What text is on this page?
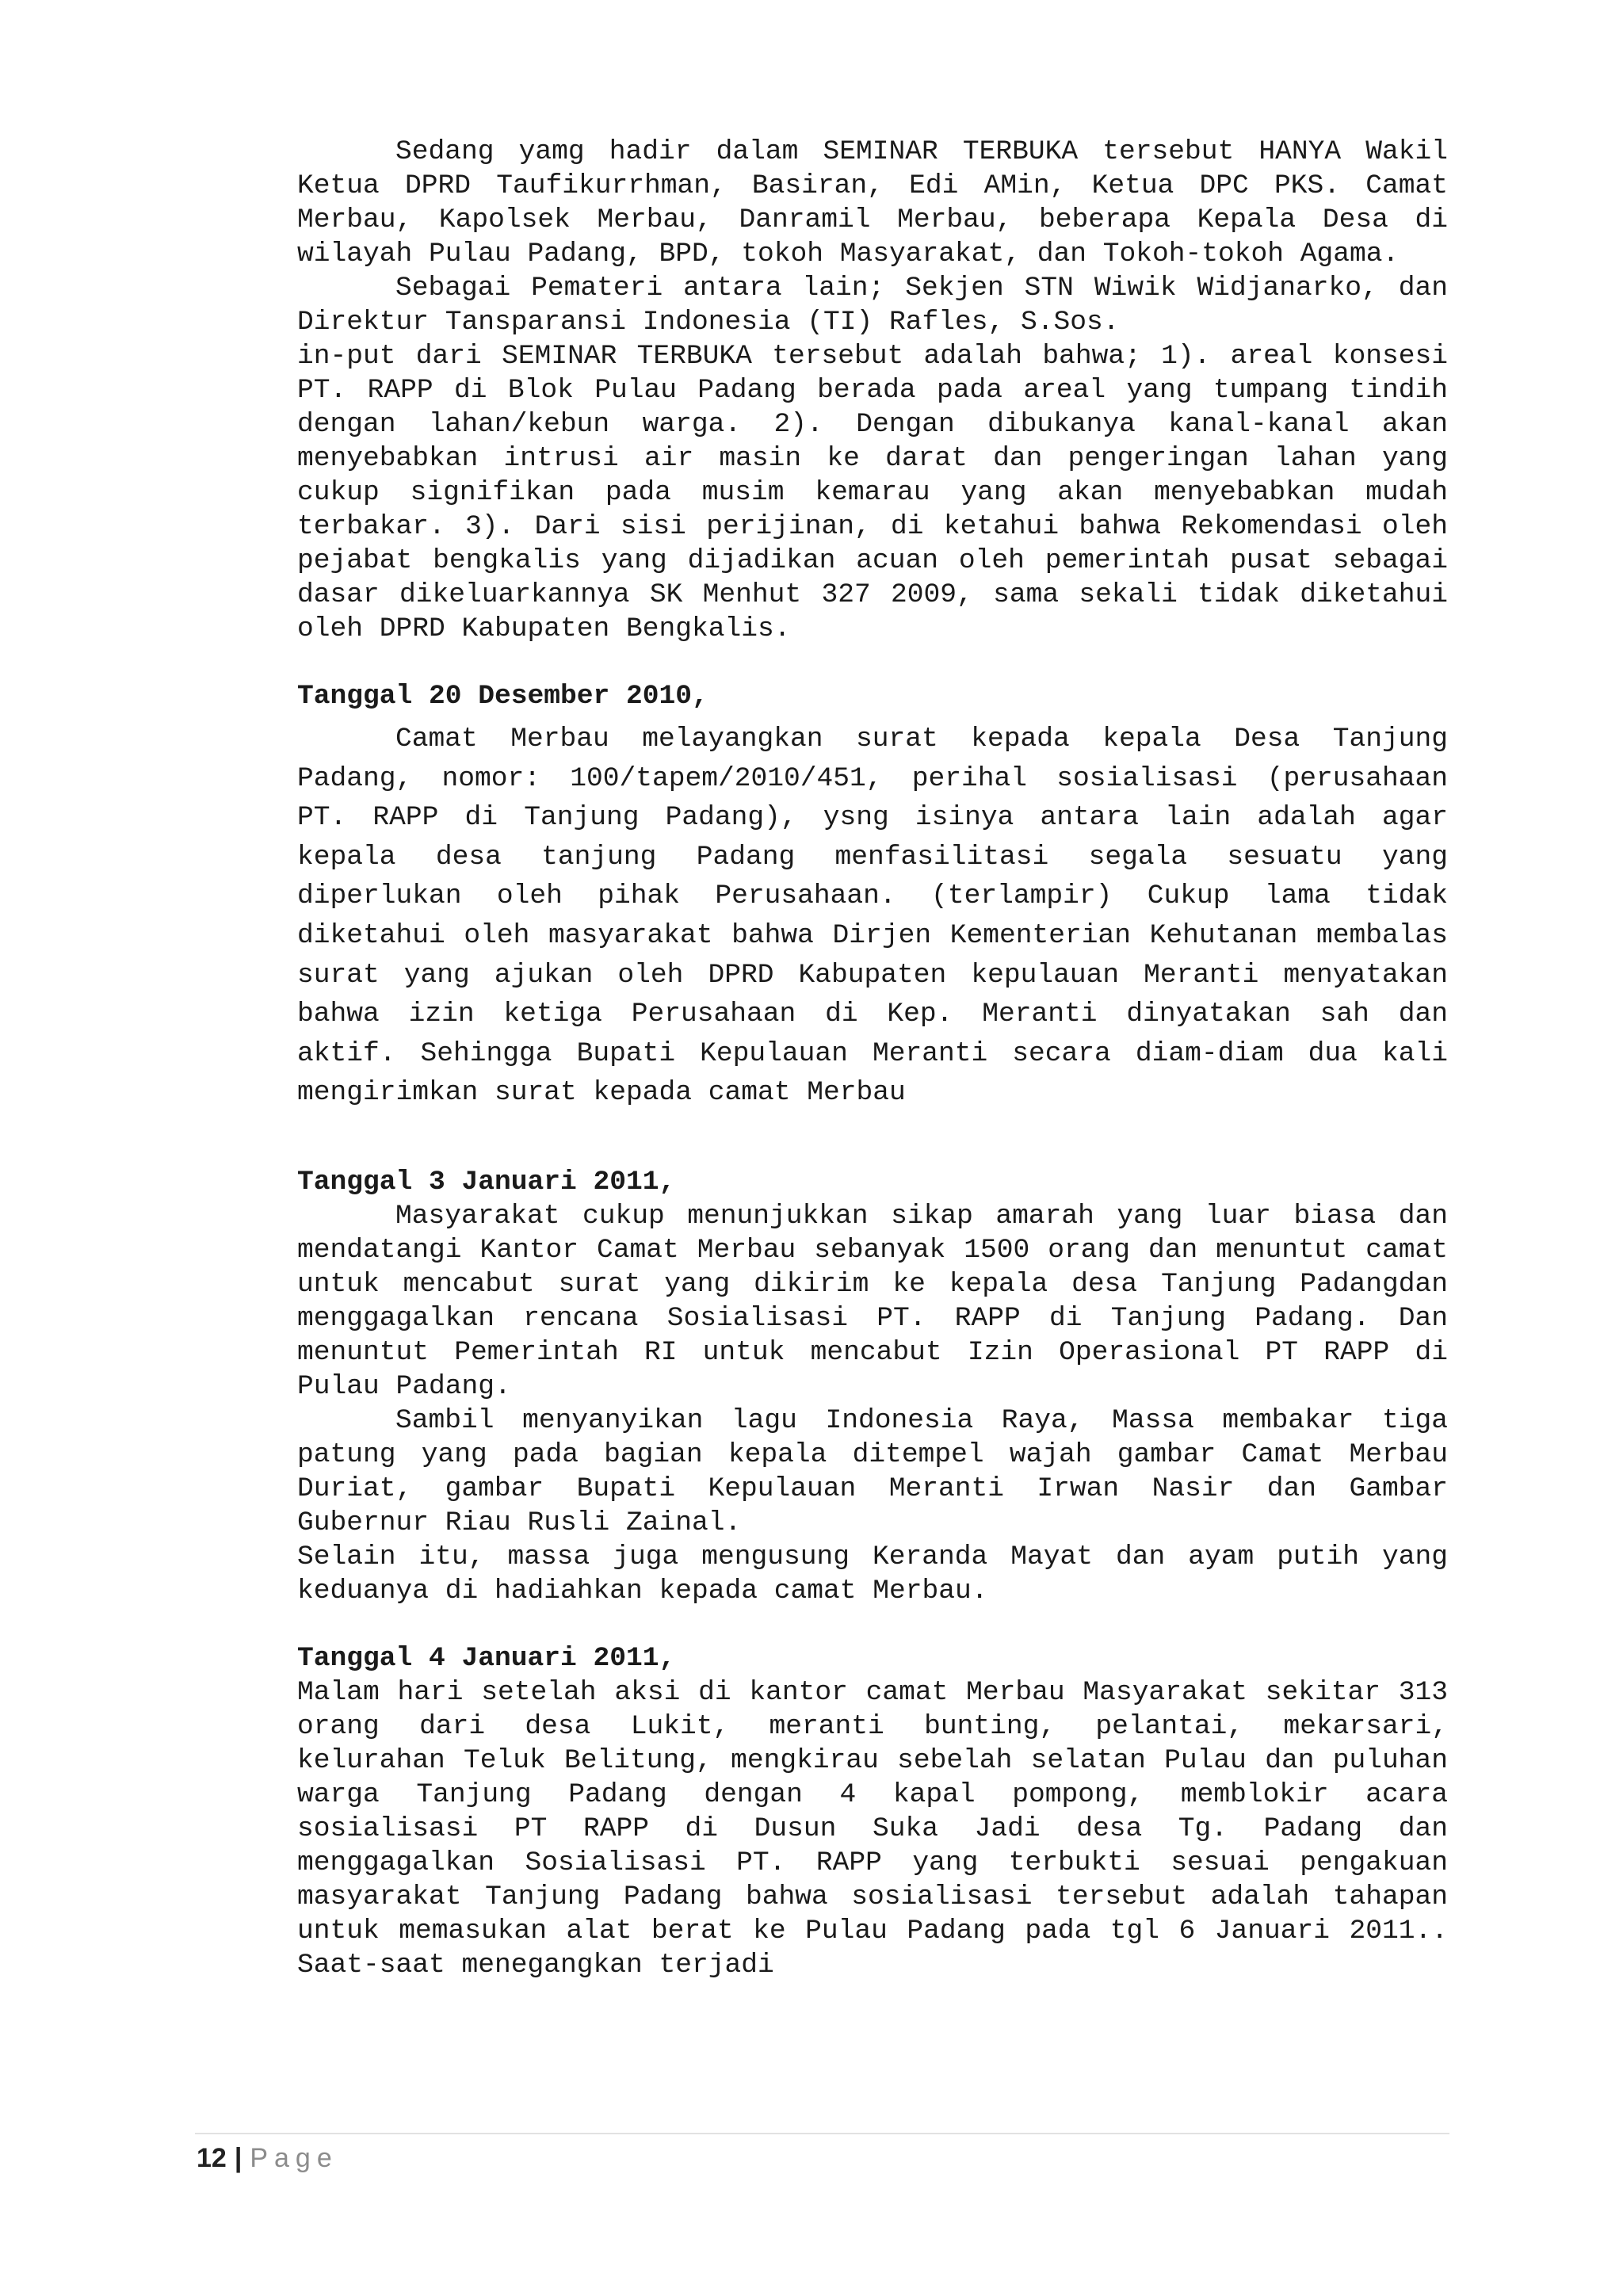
Sedang yamg hadir dalam SEMINAR TERBUKA tersebut HANYA Wakil Ketua DPRD Taufikurrhman, Basiran, Edi AMin, Ketua DPC PKS. Camat Merbau, Kapolsek Merbau, Danramil Merbau, beberapa Kepala Desa di wilayah Pulau Padang, BPD, tokoh Masyarakat, dan Tokoh-tokoh Agama.

Sebagai Pemateri antara lain; Sekjen STN Wiwik Widjanarko, dan Direktur Tansparansi Indonesia (TI) Rafles, S.Sos.

in-put dari SEMINAR TERBUKA tersebut adalah bahwa; 1). areal konsesi PT. RAPP di Blok Pulau Padang berada pada areal yang tumpang tindih dengan lahan/kebun warga. 2). Dengan dibukanya kanal-kanal akan menyebabkan intrusi air masin ke darat dan pengeringan lahan yang cukup signifikan pada musim kemarau yang akan menyebabkan mudah terbakar. 3). Dari sisi perijinan, di ketahui bahwa Rekomendasi oleh pejabat bengkalis yang dijadikan acuan oleh pemerintah pusat sebagai dasar dikeluarkannya SK Menhut 327 2009, sama sekali tidak diketahui oleh DPRD Kabupaten Bengkalis.

Tanggal 20 Desember 2010,

Camat Merbau melayangkan surat kepada kepala Desa Tanjung Padang, nomor: 100/tapem/2010/451, perihal sosialisasi (perusahaan PT. RAPP di Tanjung Padang), ysng isinya antara lain adalah agar kepala desa tanjung Padang menfasilitasi segala sesuatu yang diperlukan oleh pihak Perusahaan. (terlampir) Cukup lama tidak diketahui oleh masyarakat bahwa Dirjen Kementerian Kehutanan membalas surat yang ajukan oleh DPRD Kabupaten kepulauan Meranti menyatakan bahwa izin ketiga Perusahaan di Kep. Meranti dinyatakan sah dan aktif. Sehingga Bupati Kepulauan Meranti secara diam-diam dua kali mengirimkan surat kepada camat Merbau

Tanggal 3 Januari 2011,

Masyarakat cukup menunjukkan sikap amarah yang luar biasa dan mendatangi Kantor Camat Merbau sebanyak 1500 orang dan menuntut camat untuk mencabut surat yang dikirim ke kepala desa Tanjung Padangdan menggagalkan rencana Sosialisasi PT. RAPP di Tanjung Padang. Dan menuntut Pemerintah RI untuk mencabut Izin Operasional PT RAPP di Pulau Padang.

Sambil menyanyikan lagu Indonesia Raya, Massa membakar tiga patung yang pada bagian kepala ditempel wajah gambar Camat Merbau Duriat, gambar Bupati Kepulauan Meranti Irwan Nasir dan Gambar Gubernur Riau Rusli Zainal.

Selain itu, massa juga mengusung Keranda Mayat dan ayam putih yang keduanya di hadiahkan kepada camat Merbau.

Tanggal 4 Januari 2011,

Malam hari setelah aksi di kantor camat Merbau Masyarakat sekitar 313 orang dari desa Lukit, meranti bunting, pelantai, mekarsari, kelurahan Teluk Belitung, mengkirau sebelah selatan Pulau dan puluhan warga Tanjung Padang dengan 4 kapal pompong, memblokir acara sosialisasi PT RAPP di Dusun Suka Jadi desa Tg. Padang dan menggagalkan Sosialisasi PT. RAPP yang terbukti sesuai pengakuan masyarakat Tanjung Padang bahwa sosialisasi tersebut adalah tahapan untuk memasukan alat berat ke Pulau Padang pada tgl 6 Januari 2011.. Saat-saat menegangkan terjadi

12 | Page
